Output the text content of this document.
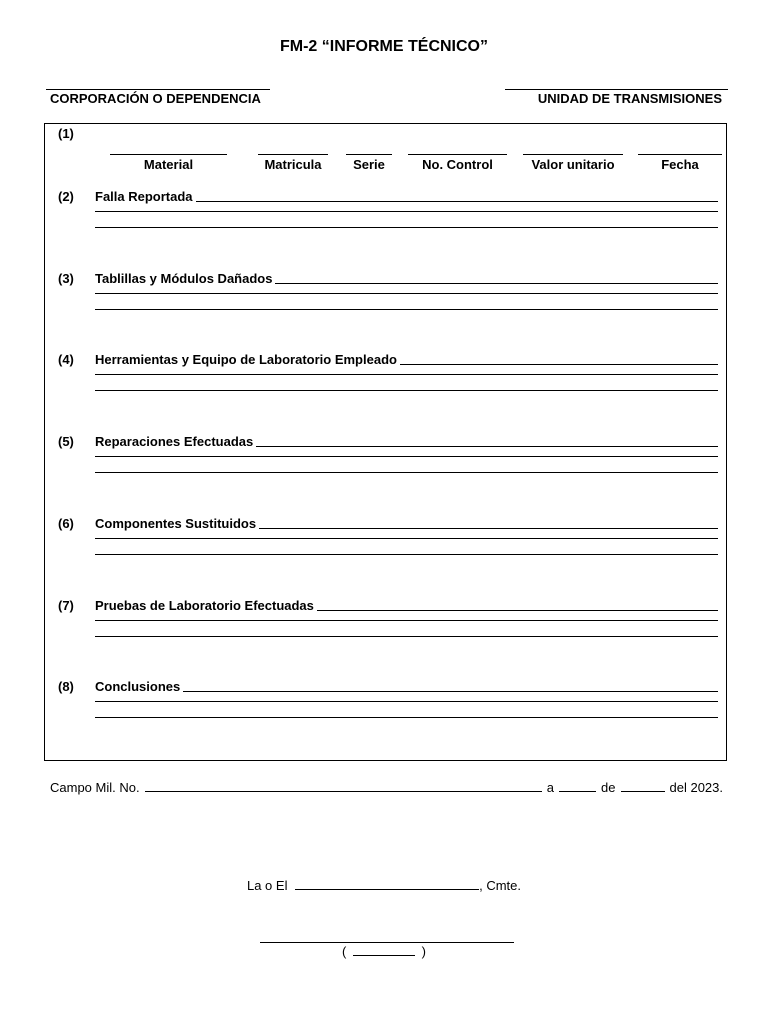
FM-2 “INFORME TÉCNICO”
CORPORACIÓN O DEPENDENCIA	UNIDAD DE TRANSMISIONES
(1)
Material	Matricula	Serie	No. Control	Valor unitario	Fecha
(2) Falla Reportada
(3) Tablillas y Módulos Dañados
(4) Herramientas y Equipo de Laboratorio Empleado
(5) Reparaciones Efectuadas
(6) Componentes Sustituidos
(7) Pruebas de Laboratorio Efectuadas
(8) Conclusiones
Campo Mil. No.	a	de	del 2023.
La o El	, Cmte.
(	)
